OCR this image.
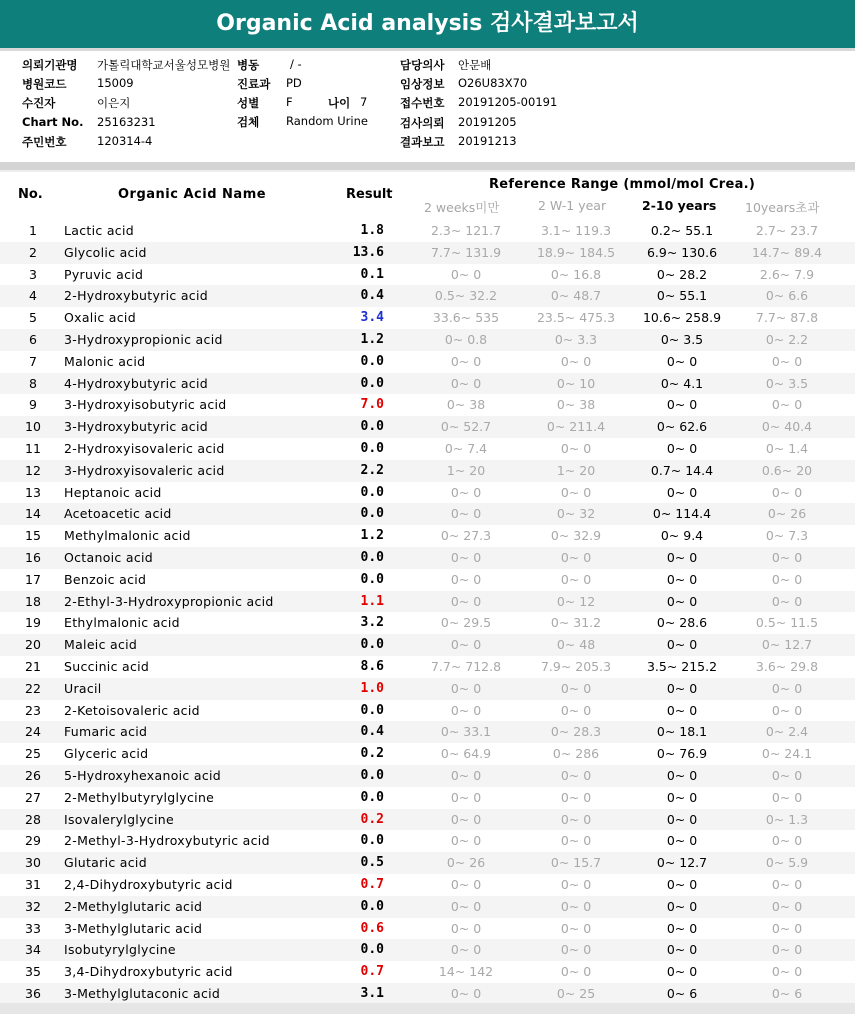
Organic Acid analysis 검사결과보고서
의뢰기관명 가톨릭대학교서울성모병원 병동	/ -	담당의사 안문배
병원코드	15009	진료과 PD	임상정보 O26U83X70
수진자	이은지	성별 F	나이 7	접수번호 20191205-00191
Chart No. 25163231	검체 Random Urine	검사의뢰 20191205
주민번호	120314-4	결과보고 20191213
No.	Organic Acid Name	Result
Reference Range (mmol/mol Crea.)
2 weeks미만	2 W-1 year	2-10 years 10years초과
1	Lactic acid	1.8	2.3~ 121.7	3.1~ 119.3	0.2~ 55.1	2.7~ 23.7
2	Glycolic acid	13.6	7.7~ 131.9	18.9~ 184.5	6.9~ 130.6	14.7~ 89.4
3	Pyruvic acid	0.1	0~ 0	0~ 16.8	0~ 28.2	2.6~ 7.9
4	2-Hydroxybutyric acid	0.4	0.5~ 32.2	0~ 48.7	0~ 55.1	0~ 6.6
5	Oxalic acid	3.4	33.6~ 535	23.5~ 475.3 10.6~ 258.9	7.7~ 87.8
6	3-Hydroxypropionic acid	1.2	0~ 0.8	0~ 3.3	0~ 3.5	0~ 2.2
7	Malonic acid	0.0	0~ 0	0~ 0	0~ 0	0~ 0
8	4-Hydroxybutyric acid	0.0	0~ 0	0~ 10	0~ 4.1	0~ 3.5
9	3-Hydroxyisobutyric acid	7.0	0~ 38	0~ 38	0~ 0	0~ 0
10	3-Hydroxybutyric acid	0.0	0~ 52.7	0~ 211.4	0~ 62.6	0~ 40.4
11	2-Hydroxyisovaleric acid	0.0	0~ 7.4	0~ 0	0~ 0	0~ 1.4
12	3-Hydroxyisovaleric acid	2.2	1~ 20	1~ 20	0.7~ 14.4	0.6~ 20
13	Heptanoic acid	0.0	0~ 0	0~ 0	0~ 0	0~ 0
14	Acetoacetic acid	0.0	0~ 0	0~ 32	0~ 114.4	0~ 26
15	Methylmalonic acid	1.2	0~ 27.3	0~ 32.9	0~ 9.4	0~ 7.3
16	Octanoic acid	0.0	0~ 0	0~ 0	0~ 0	0~ 0
17	Benzoic acid	0.0	0~ 0	0~ 0	0~ 0	0~ 0
18	2-Ethyl-3-Hydroxypropionic acid	1.1	0~ 0	0~ 12	0~ 0	0~ 0
19	Ethylmalonic acid	3.2	0~ 29.5	0~ 31.2	0~ 28.6	0.5~ 11.5
20	Maleic acid	0.0	0~ 0	0~ 48	0~ 0	0~ 12.7
21	Succinic acid	8.6	7.7~ 712.8	7.9~ 205.3	3.5~ 215.2	3.6~ 29.8
22	Uracil	1.0	0~ 0	0~ 0	0~ 0	0~ 0
23	2-Ketoisovaleric acid	0.0	0~ 0	0~ 0	0~ 0	0~ 0
24	Fumaric acid	0.4	0~ 33.1	0~ 28.3	0~ 18.1	0~ 2.4
25	Glyceric acid	0.2	0~ 64.9	0~ 286	0~ 76.9	0~ 24.1
26	5-Hydroxyhexanoic acid	0.0	0~ 0	0~ 0	0~ 0	0~ 0
27	2-Methylbutyrylglycine	0.0	0~ 0	0~ 0	0~ 0	0~ 0
28	Isovalerylglycine	0.2	0~ 0	0~ 0	0~ 0	0~ 1.3
29	2-Methyl-3-Hydroxybutyric acid	0.0	0~ 0	0~ 0	0~ 0	0~ 0
30	Glutaric acid	0.5	0~ 26	0~ 15.7	0~ 12.7	0~ 5.9
31	2,4-Dihydroxybutyric acid	0.7	0~ 0	0~ 0	0~ 0	0~ 0
32	2-Methylglutaric acid	0.0	0~ 0	0~ 0	0~ 0	0~ 0
33	3-Methylglutaric acid	0.6	0~ 0	0~ 0	0~ 0	0~ 0
34	Isobutyrylglycine	0.0	0~ 0	0~ 0	0~ 0	0~ 0
35	3,4-Dihydroxybutyric acid	0.7	14~ 142	0~ 0	0~ 0	0~ 0
36	3-Methylglutaconic acid	3.1	0~ 0	0~ 25	0~ 6	0~ 6
